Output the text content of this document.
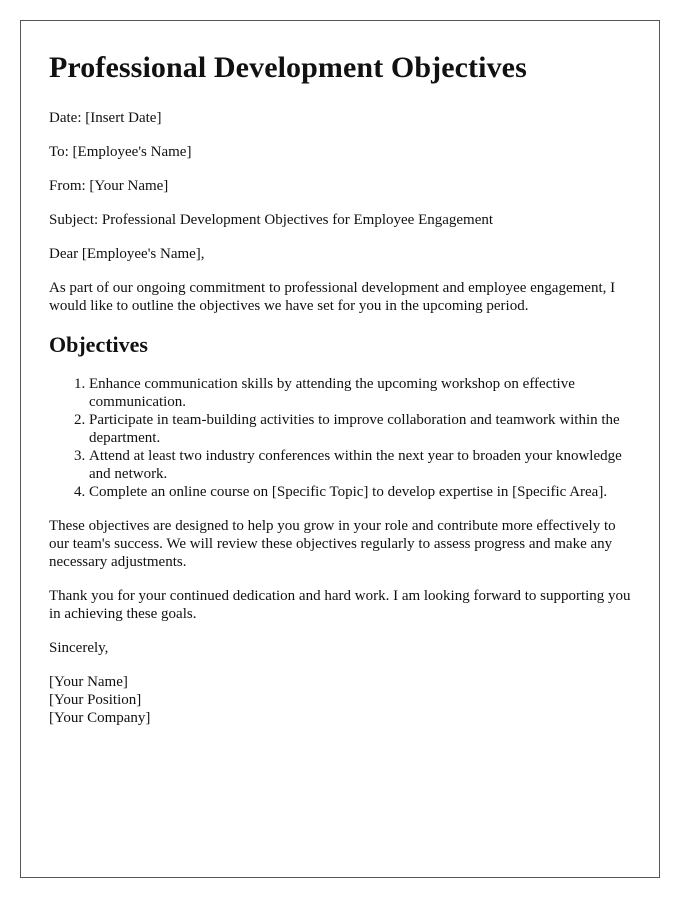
Professional Development Objectives

Date: [Insert Date]

To: [Employee's Name]

From: [Your Name]

Subject: Professional Development Objectives for Employee Engagement

Dear [Employee's Name],

As part of our ongoing commitment to professional development and employee engagement, I would like to outline the objectives we have set for you in the upcoming period.

Objectives
1. Enhance communication skills by attending the upcoming workshop on effective communication.
2. Participate in team-building activities to improve collaboration and teamwork within the department.
3. Attend at least two industry conferences within the next year to broaden your knowledge and network.
4. Complete an online course on [Specific Topic] to develop expertise in [Specific Area].

These objectives are designed to help you grow in your role and contribute more effectively to our team's success. We will review these objectives regularly to assess progress and make any necessary adjustments.

Thank you for your continued dedication and hard work. I am looking forward to supporting you in achieving these goals.

Sincerely,

[Your Name]
[Your Position]
[Your Company]
